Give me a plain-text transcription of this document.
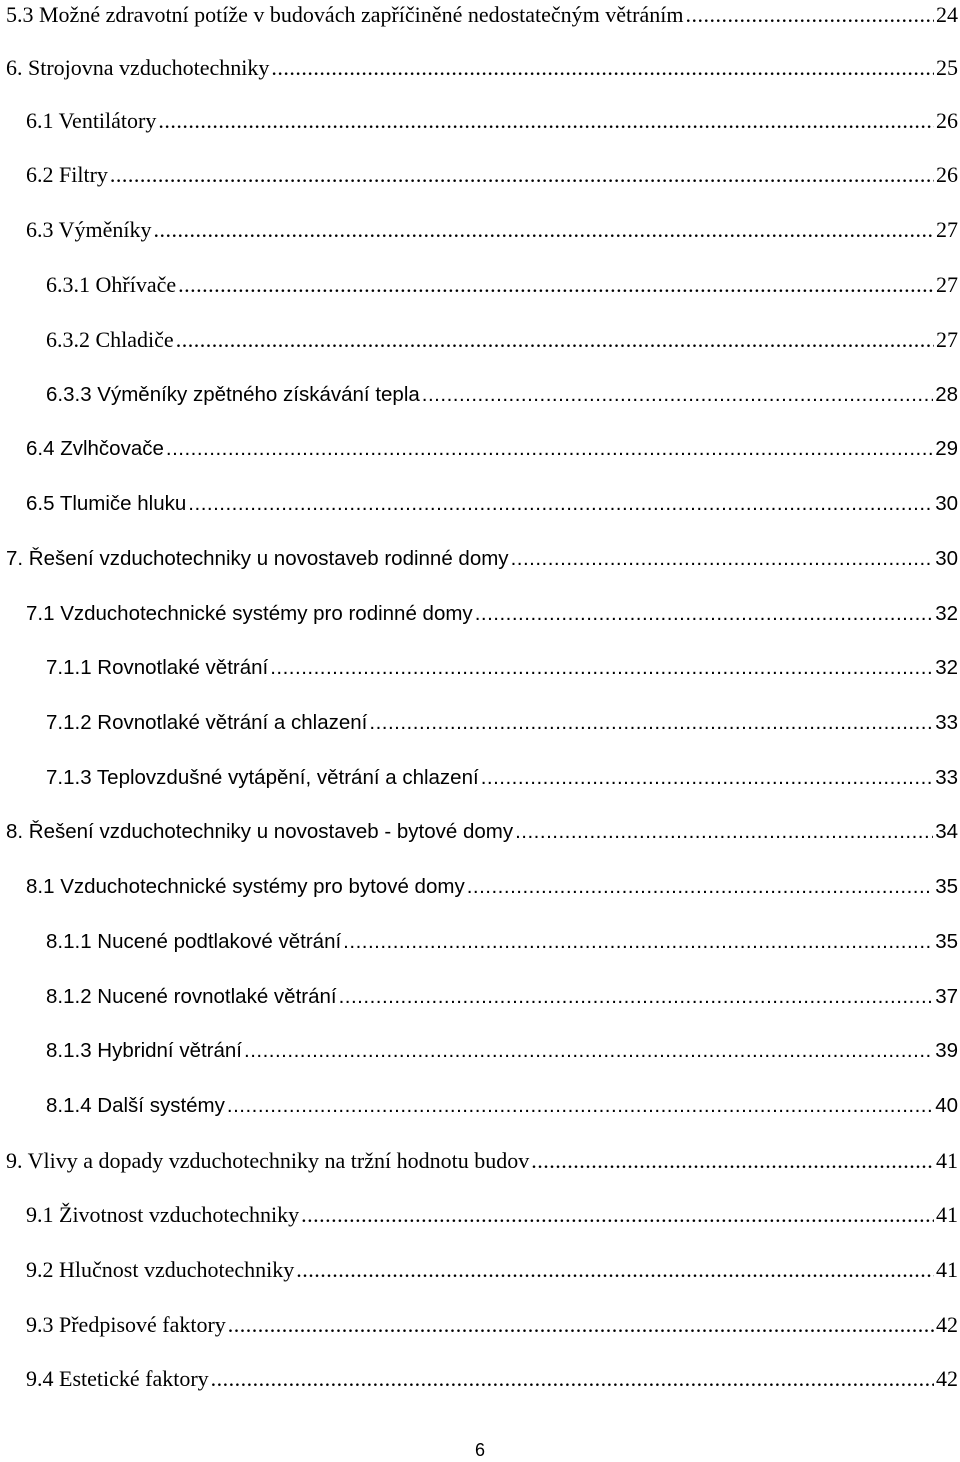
5.3 Možné zdravotní potíže v budovách zapříčiněné nedostatečným větráním .....	24
6. Strojovna vzduchotechniky .....	25
6.1 Ventilátory .....	26
6.2 Filtry .....	26
6.3 Výměníky .....	27
6.3.1 Ohřívače .....	27
6.3.2 Chladiče .....	27
6.3.3 Výměníky zpětného získávání tepla .....	28
6.4 Zvlhčovače .....	29
6.5 Tlumiče hluku .....	30
7. Řešení vzduchotechniky u novostaveb rodinné domy .....	30
7.1 Vzduchotechnické systémy pro rodinné domy .....	32
7.1.1 Rovnotlaké větrání .....	32
7.1.2 Rovnotlaké větrání a chlazení .....	33
7.1.3 Teplovzdušné vytápění, větrání a chlazení .....	33
8. Řešení vzduchotechniky u novostaveb - bytové domy .....	34
8.1 Vzduchotechnické systémy pro bytové domy .....	35
8.1.1 Nucené podtlakové větrání .....	35
8.1.2 Nucené rovnotlaké větrání .....	37
8.1.3 Hybridní větrání .....	39
8.1.4 Další systémy .....	40
9. Vlivy a dopady vzduchotechniky na tržní hodnotu budov .....	41
9.1 Životnost vzduchotechniky .....	41
9.2 Hlučnost vzduchotechniky .....	41
9.3 Předpisové faktory .....	42
9.4 Estetické faktory .....	42
6
